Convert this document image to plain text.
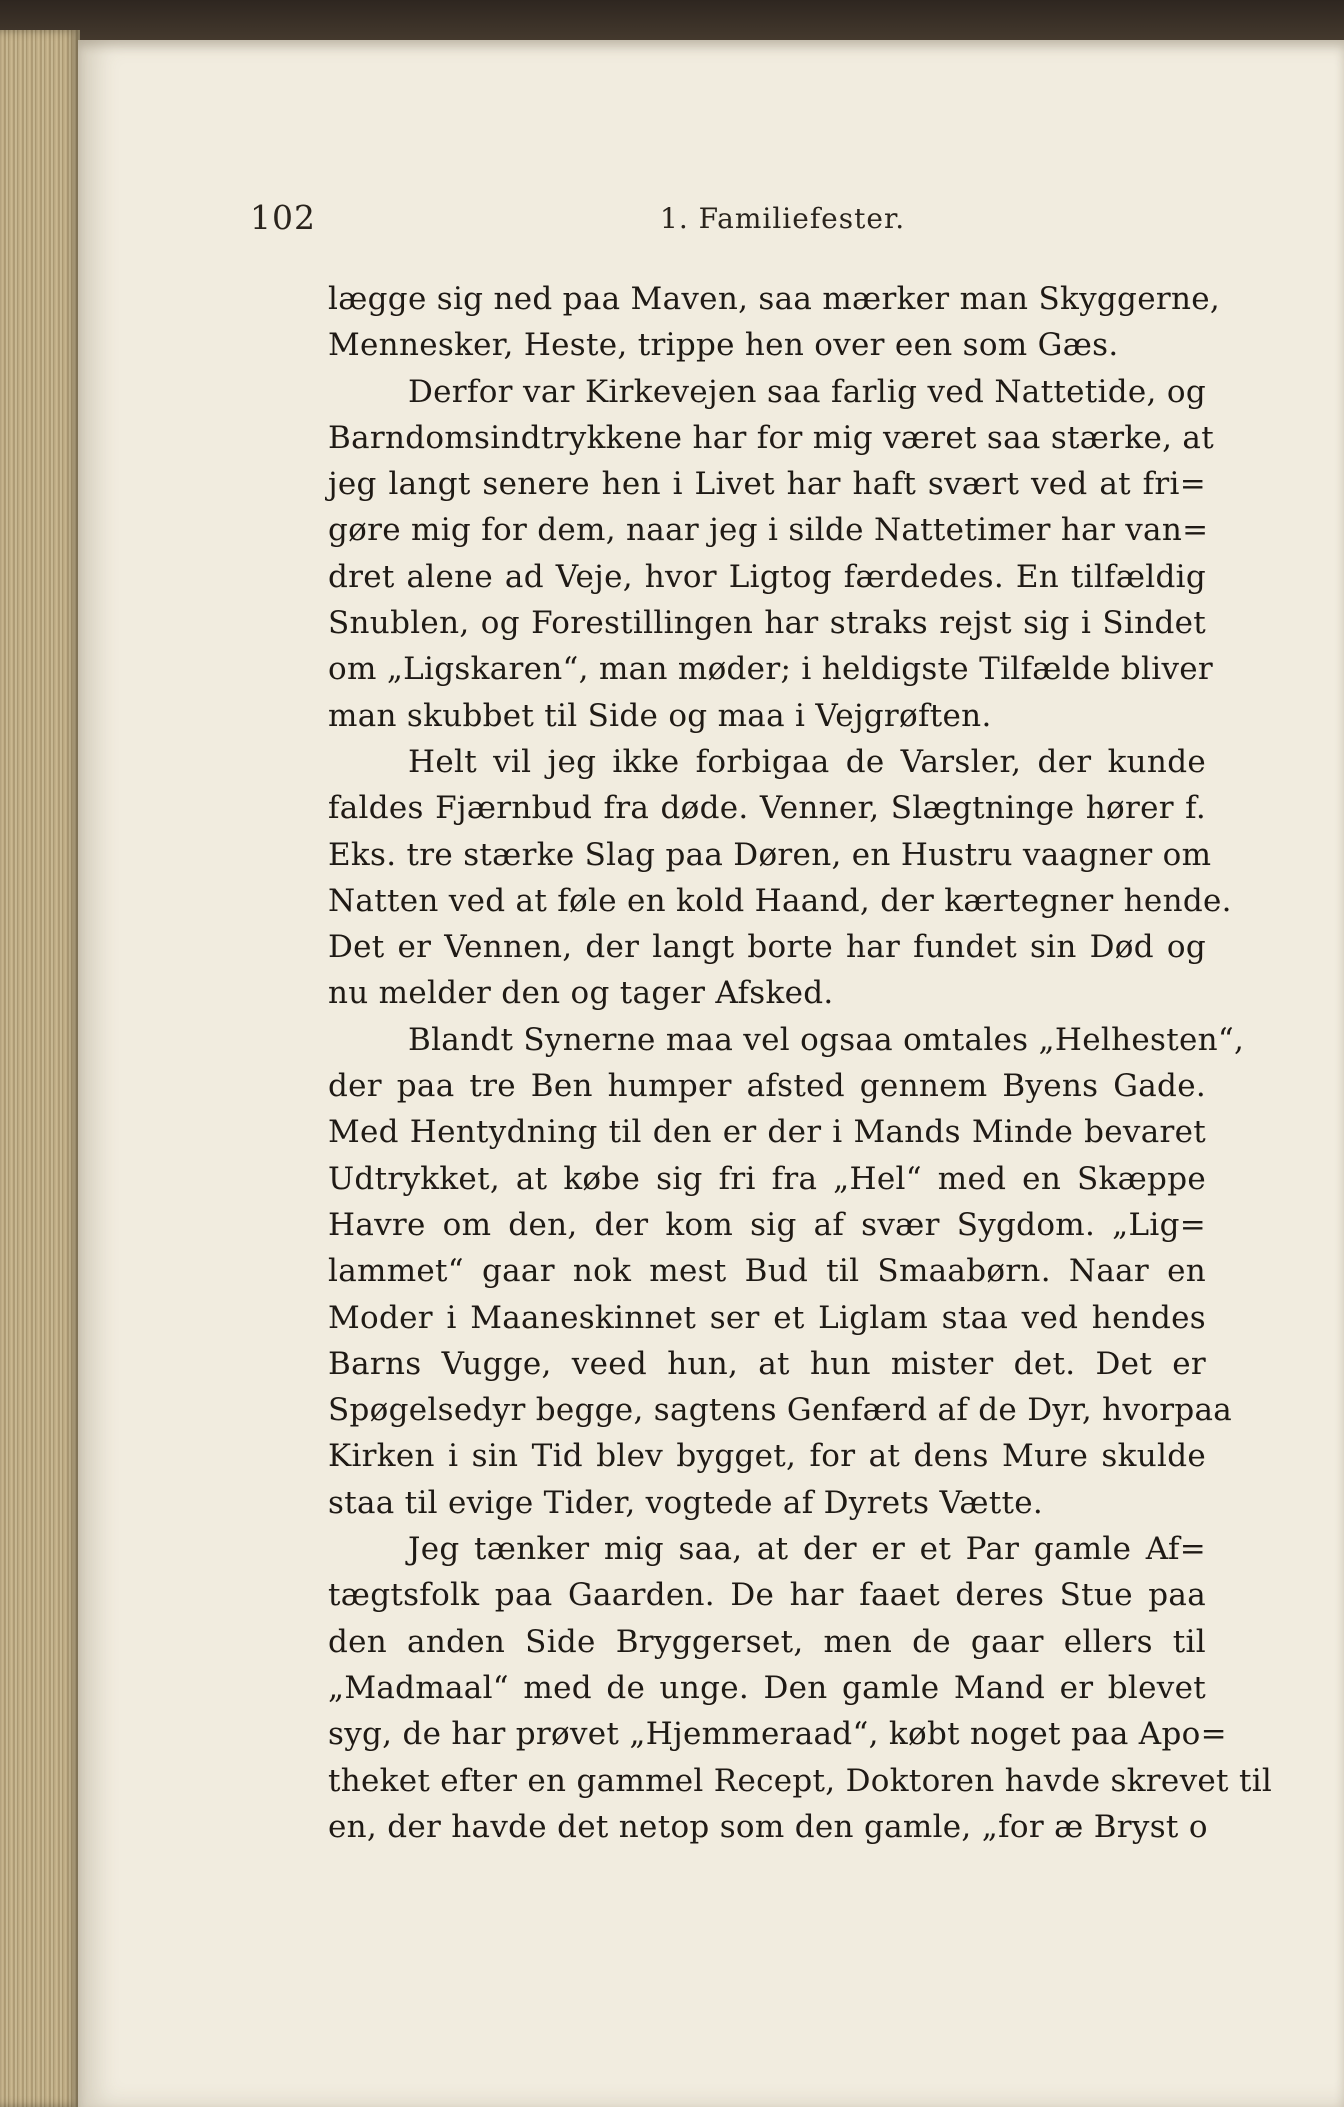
102	1. Familiefester.
lægge sig ned paa Maven, saa mærker man Skyggerne,
Mennesker, Heste, trippe hen over een som Gæs.
Derfor var Kirkevejen saa farlig ved Nattetide, og
Barndomsindtrykkene har for mig været saa stærke, at
jeg langt senere hen i Livet har haft svært ved at fri=
gøre mig for dem, naar jeg i silde Nattetimer har van=
dret alene ad Veje, hvor Ligtog færdedes. En tilfældig
Snublen, og Forestillingen har straks rejst sig i Sindet
om „Ligskaren“, man møder; i heldigste Tilfælde bliver
man skubbet til Side og maa i Vejgrøften.
Helt vil jeg ikke forbigaa de Varsler, der kunde
faldes Fjærnbud fra døde. Venner, Slægtninge hører f.
Eks. tre stærke Slag paa Døren, en Hustru vaagner om
Natten ved at føle en kold Haand, der kærtegner hende.
Det er Vennen, der langt borte har fundet sin Død og
nu melder den og tager Afsked.
Blandt Synerne maa vel ogsaa omtales „Helhesten“,
der paa tre Ben humper afsted gennem Byens Gade.
Med Hentydning til den er der i Mands Minde bevaret
Udtrykket, at købe sig fri fra „Hel“ med en Skæppe
Havre om den, der kom sig af svær Sygdom. „Lig=
lammet“ gaar nok mest Bud til Smaabørn. Naar en
Moder i Maaneskinnet ser et Liglam staa ved hendes
Barns Vugge, veed hun, at hun mister det. Det er
Spøgelsedyr begge, sagtens Genfærd af de Dyr, hvorpaa
Kirken i sin Tid blev bygget, for at dens Mure skulde
staa til evige Tider, vogtede af Dyrets Vætte.
Jeg tænker mig saa, at der er et Par gamle Af=
tægtsfolk paa Gaarden. De har faaet deres Stue paa
den anden Side Bryggerset, men de gaar ellers til
„Madmaal“ med de unge. Den gamle Mand er blevet
syg, de har prøvet „Hjemmeraad“, købt noget paa Apo=
theket efter en gammel Recept, Doktoren havde skrevet til
en, der havde det netop som den gamle, „for æ Bryst o
